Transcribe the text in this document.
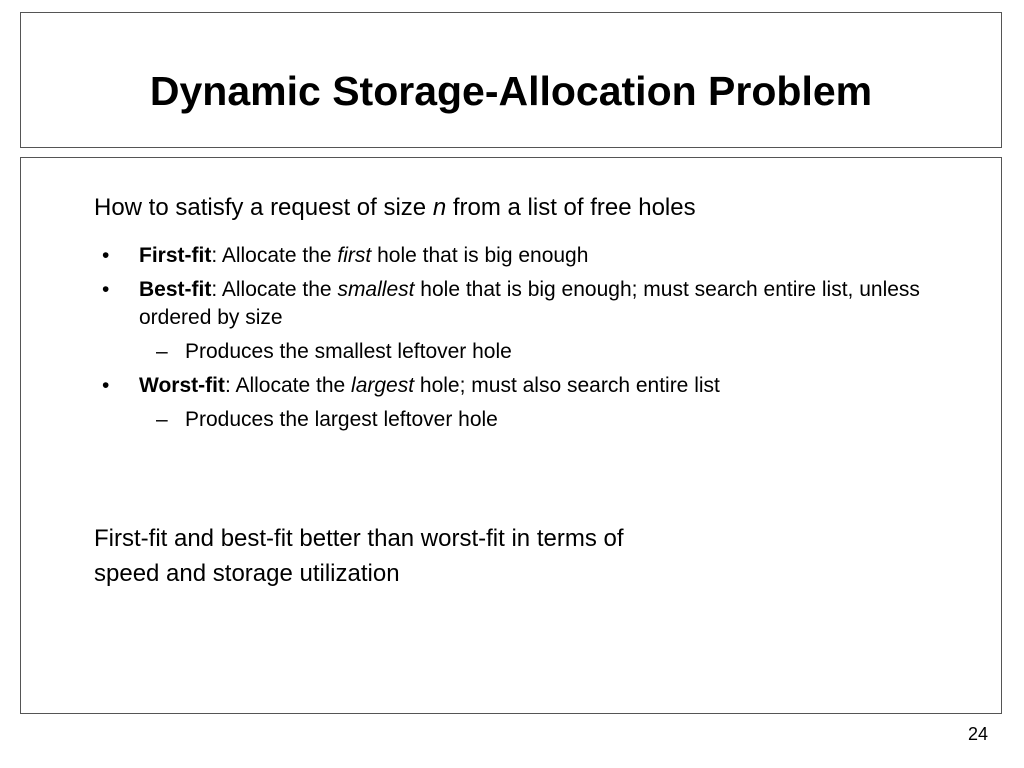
Dynamic Storage-Allocation Problem

How to satisfy a request of size n from a list of free holes

• First-fit: Allocate the first hole that is big enough
• Best-fit: Allocate the smallest hole that is big enough; must search entire list, unless ordered by size
– Produces the smallest leftover hole
• Worst-fit: Allocate the largest hole; must also search entire list
– Produces the largest leftover hole

First-fit and best-fit better than worst-fit in terms of
speed and storage utilization

24
